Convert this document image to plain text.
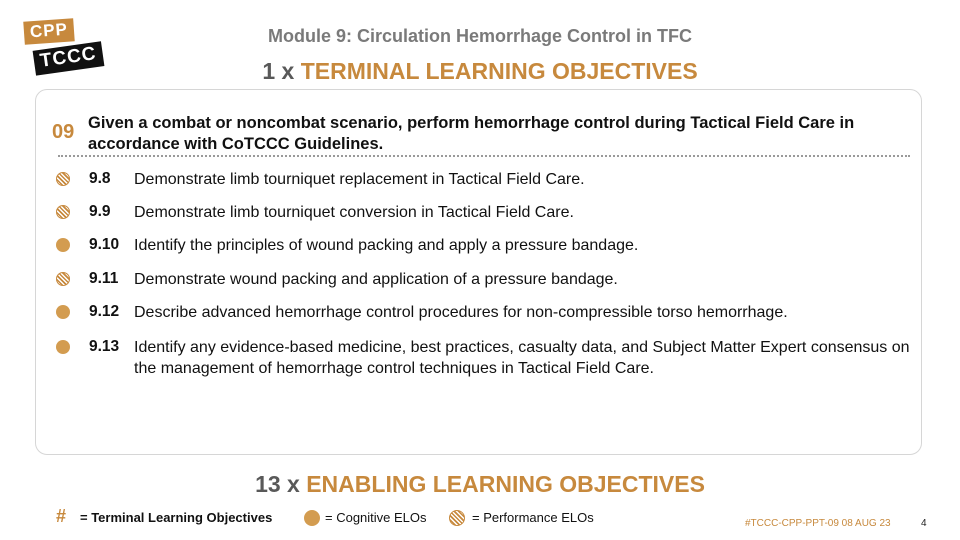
CPP
TCCC
Module 9: Circulation Hemorrhage Control in TFC
1 x TERMINAL LEARNING OBJECTIVES
09 Given a combat or noncombat scenario, perform hemorrhage control during Tactical Field Care in accordance with CoTCCC Guidelines.
9.8 Demonstrate limb tourniquet replacement in Tactical Field Care.
9.9 Demonstrate limb tourniquet conversion in Tactical Field Care.
9.10 Identify the principles of wound packing and apply a pressure bandage.
9.11 Demonstrate wound packing and application of a pressure bandage.
9.12 Describe advanced hemorrhage control procedures for non-compressible torso hemorrhage.
9.13 Identify any evidence-based medicine, best practices, casualty data, and Subject Matter Expert consensus on the management of hemorrhage control techniques in Tactical Field Care.
13 x ENABLING LEARNING OBJECTIVES
# = Terminal Learning Objectives	= Cognitive ELOs	= Performance ELOs	#TCCC-CPP-PPT-09 08 AUG 23	4
